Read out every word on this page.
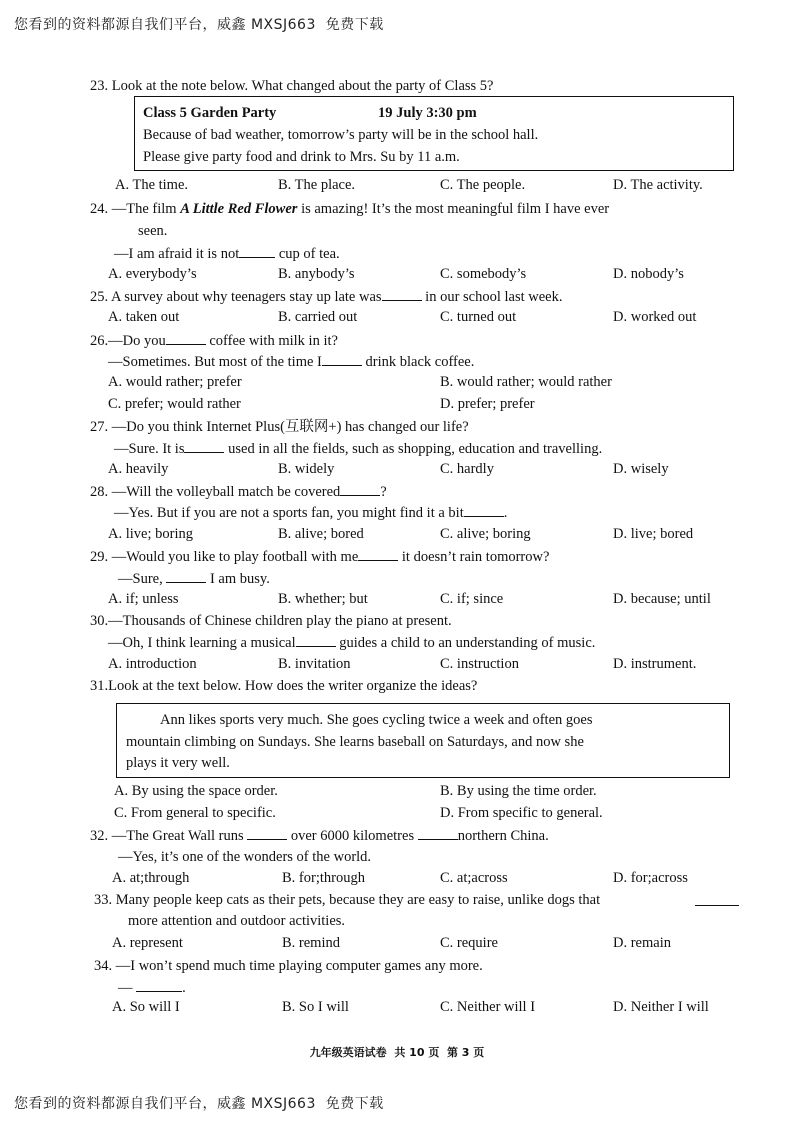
您看到的资料都源自我们平台，威鑫 MXSJ663  免费下载
23. Look at the note below. What changed about the party of Class 5?
Class 5 Garden Party	19 July 3:30 pm
Because of bad weather, tomorrow’s party will be in the school hall.
Please give party food and drink to Mrs. Su by 11 a.m.
A. The time.	B. The place.	C. The people.	D. The activity.
24. —The film A Little Red Flower is amazing! It’s the most meaningful film I have ever
seen.
—I am afraid it is not cup of tea.
A. everybody’s	B. anybody’s	C. somebody’s	D. nobody’s
25. A survey about why teenagers stay up late was	in our school last week.
A. taken out	B. carried out	C. turned out	D. worked out
26.—Do you	coffee with milk in it?
—Sometimes. But most of the time I	drink black coffee.
A. would rather; prefer	B. would rather; would rather
C. prefer; would rather	D. prefer; prefer
27. —Do you think Internet Plus(互联网+) has changed our life?
—Sure. It is	used in all the fields, such as shopping, education and travelling.
A. heavily	B. widely	C. hardly	D. wisely
28. —Will the volleyball match be covered	?
—Yes. But if you are not a sports fan, you might find it a bit	.
A. live; boring	B. alive; bored	C. alive; boring	D. live; bored
29. —Would you like to play football with me	it doesn’t rain tomorrow?
—Sure,	I am busy.
A. if; unless	B. whether; but	C. if; since	D. because; until
30.—Thousands of Chinese children play the piano at present.
—Oh, I think learning a musical	guides a child to an understanding of music.
A. introduction	B. invitation	C. instruction	D. instrument.
31.Look at the text below. How does the writer organize the ideas?
Ann likes sports very much. She goes cycling twice a week and often goes
mountain climbing on Sundays. She learns baseball on Saturdays, and now she
plays it very well.
A. By using the space order.	B. By using the time order.
C. From general to specific.	D. From specific to general.
32. —The Great Wall runs	over 6000 kilometres	northern China.
—Yes, it’s one of the wonders of the world.
A. at;through	B. for;through	C. at;across	D. for;across
33. Many people keep cats as their pets, because they are easy to raise, unlike dogs that
more attention and outdoor activities.
A. represent	B. remind	C. require	D. remain
34. —I won’t spend much time playing computer games any more.
—	.
A. So will I	B. So I will	C. Neither will I	D. Neither I will
九年级英语试卷  共 10 页  第 3 页
您看到的资料都源自我们平台，威鑫 MXSJ663  免费下载
